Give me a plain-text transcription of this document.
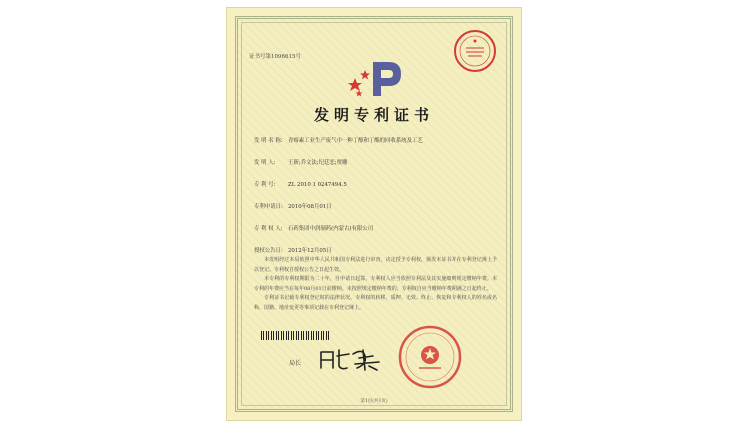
证书号第1096615号
发明专利证书
发 明 名 称: 青霉素工业生产废气中一种丁醇和丁酯的回收系统及工艺
发 明 人: 王新;乔文法;纪廷恋;贾雕
专 利 号: ZL 2010 1 0247494.5
专利申请日: 2010年08月01日
专 利 权 人: 石药集团中润制药(内蒙古)有限公司
授权公告日: 2012年12月05日

本发明经过本局依照中华人民共和国专利法进行审查，决定授予专利权，颁发本证书并在专利登记簿上予以登记。专利权自授权公告之日起生效。

本专利的专利权期限为二十年，自申请日起算。专利权人应当依照专利法及其实施细则规定缴纳年费。本专利的年费应当在每年08月01日前缴纳。未按照规定缴纳年费的，专利权自应当缴纳年费期满之日起终止。

专利证书记载专利权登记时的法律状况。专利权的转移、质押、无效、终止、恢复和专利权人的姓名或名称、国籍、地址变更等事项记载在专利登记簿上。

局长
第1页(共1页)
